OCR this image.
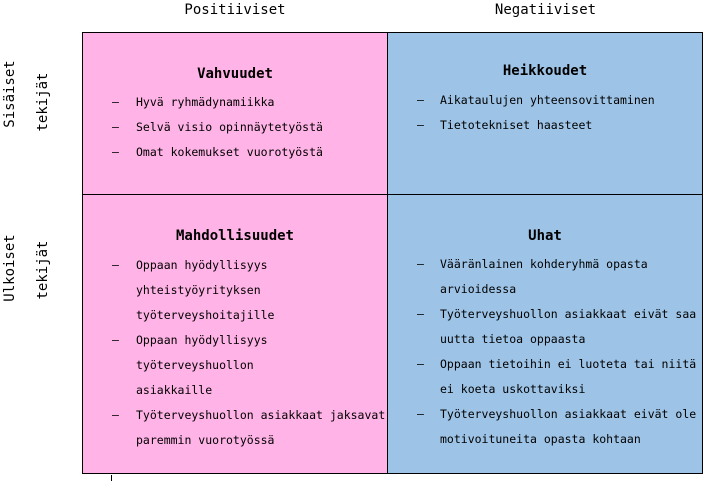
Positiiviset	Negatiiviset
Sisäiset tekijät
Ulkoiset tekijät
Vahvuudet
– Hyvä ryhmädynamiikka
– Selvä visio opinnäytetyöstä
– Omat kokemukset vuorotyöstä
Heikkoudet
– Aikataulujen yhteensovittaminen
– Tietotekniset haasteet
Mahdollisuudet
– Oppaan hyödyllisyys yhteistyöyrityksen
työterveyshoitajille
– Oppaan hyödyllisyys työterveyshuollon
asiakkaille
– Työterveyshuollon asiakkaat jaksavat
paremmin vuorotyössä
Uhat
– Vääränlainen kohderyhmä opasta
arvioidessa
– Työterveyshuollon asiakkaat eivät saa
uutta tietoa oppaasta
– Oppaan tietoihin ei luoteta tai niitä
ei koeta uskottaviksi
– Työterveyshuollon asiakkaat eivät ole
motivoituneita opasta kohtaan
